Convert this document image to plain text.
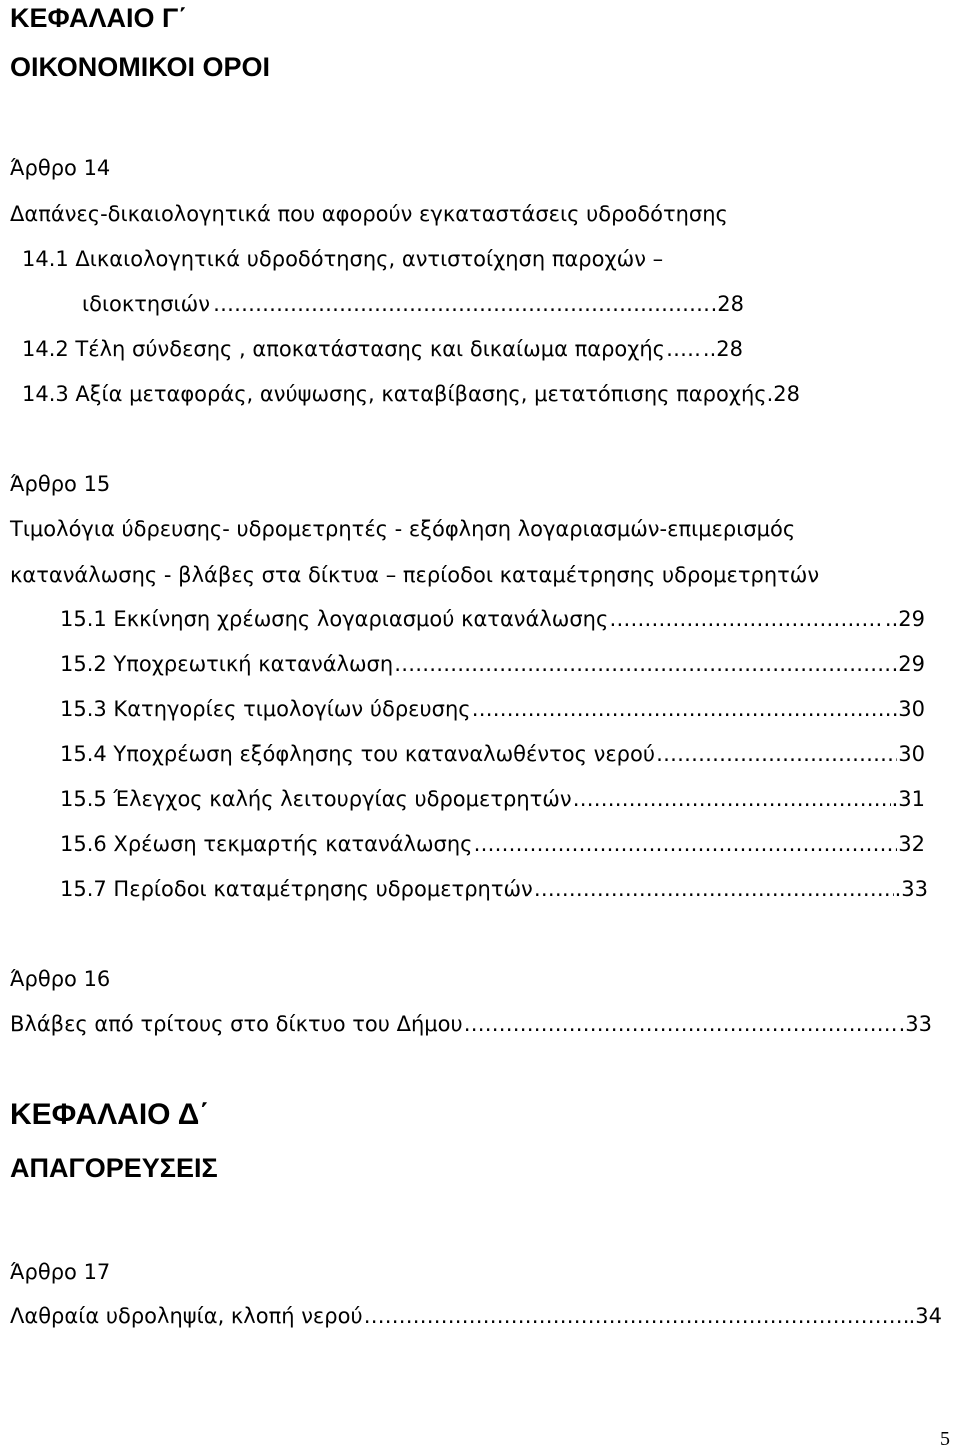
ΚΕΦΑΛΑΙΟ Γ΄
ΟΙΚΟΝΟΜΙΚΟΙ ΟΡΟΙ
Άρθρο 14
Δαπάνες-δικαιολογητικά που αφορούν εγκαταστάσεις υδροδότησης
14.1 Δικαιολογητικά υδροδότησης, αντιστοίχηση παροχών –
ιδιοκτησιών ………………………………………………………………………………………………………………………………………………………	.28
14.2 Τέλη σύνδεσης , αποκατάστασης και δικαίωμα παροχής ……………………………………………………………………………………………………………………………………………………… ..28
14.3 Αξία μεταφοράς, ανύψωσης, καταβίβασης, μετατόπισης παροχής .28
Άρθρο 15
Τιμολόγια ύδρευσης- υδρομετρητές - εξόφληση λογαριασμών-επιμερισμός
κατανάλωσης - βλάβες στα δίκτυα – περίοδοι καταμέτρησης υδρομετρητών
15.1 Εκκίνηση χρέωσης λογαριασμού κατανάλωσης ………………………………………………………………………………………………………………………………………………………	..29
15.2 Υποχρεωτική κατανάλωση ………………………………………………………………………………………………………………………………………………………	.29
15.3 Κατηγορίες τιμολογίων ύδρευσης ………………………………………………………………………………………………………………………………………………………	30
15.4 Υποχρέωση εξόφλησης του καταναλωθέντος νερού ………………………………………………………………………………………………………………………………………………………	30
15.5 Έλεγχος καλής λειτουργίας υδρομετρητών ………………………………………………………………………………………………………………………………………………………	.31
15.6 Χρέωση τεκμαρτής κατανάλωσης ………………………………………………………………………………………………………………………………………………………	32
15.7 Περίοδοι καταμέτρησης υδρομετρητών ………………………………………………………………………………………………………………………………………………………	.33
Άρθρο 16
Βλάβες από τρίτους στο δίκτυο του Δήμου ………………………………………………………………………………………………………………………………………………………	.33
ΚΕΦΑΛΑΙΟ Δ΄
ΑΠΑΓΟΡΕΥΣΕΙΣ
Άρθρο 17
Λαθραία υδροληψία, κλοπή νερού ………………………………………………………………………………………………………………………………………………………	.34
5
